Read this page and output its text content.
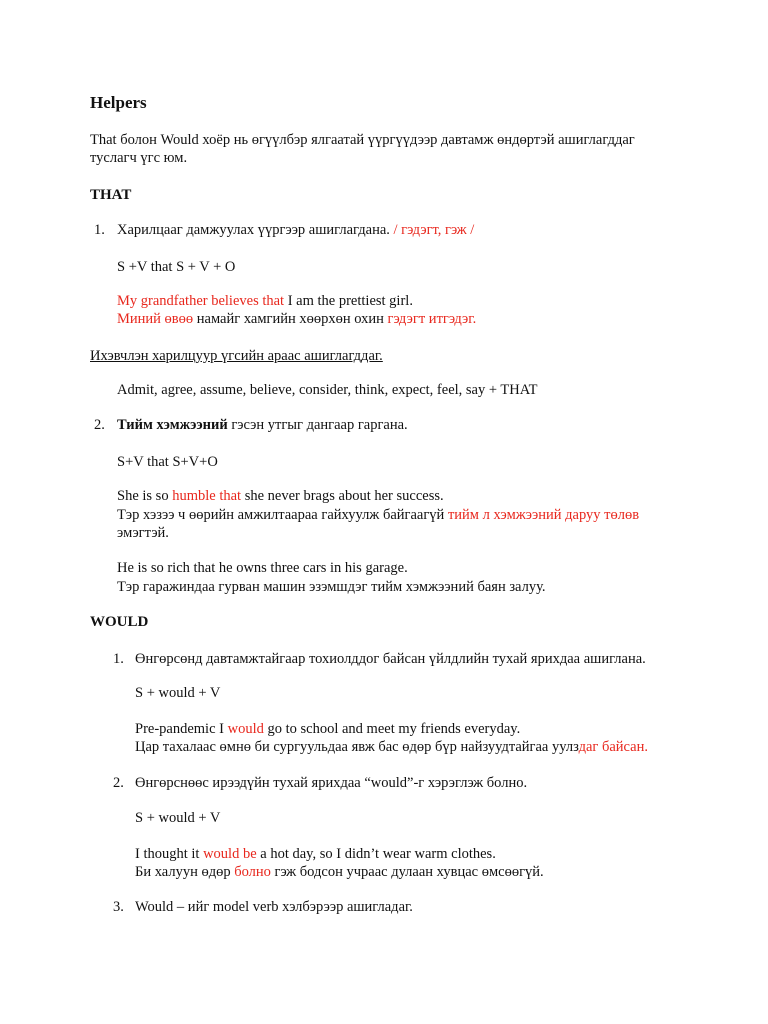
Helpers
That болон Would хоёр нь өгүүлбэр ялгаатай үүргүүдээр давтамж өндөртэй ашиглагддаг
туслагч үгс юм.
THAT
1. Харилцааг дамжуулах үүргээр ашиглагдана. / гэдэгт, гэж /
S +V that S + V + O
My grandfather believes that I am the prettiest girl.
Миний өвөө намайг хамгийн хөөрхөн охин гэдэгт итгэдэг.
Ихэвчлэн харилцуур үгсийн араас ашиглагддаг.
Admit, agree, assume, believe, consider, think, expect, feel, say + THAT
2. Тийм хэмжээний гэсэн утгыг дангаар гаргана.
S+V that S+V+O
She is so humble that she never brags about her success.
Тэр хэзээ ч өөрийн амжилтаараа гайхуулж байгаагүй тийм л хэмжээний даруу төлөв
эмэгтэй.
He is so rich that he owns three cars in his garage.
Тэр гаражиндаа гурван машин эзэмшдэг тийм хэмжээний баян залуу.
WOULD
1. Өнгөрсөнд давтамжтайгаар тохиолддог байсан үйлдлийн тухай ярихдаа ашиглана.
S + would + V
Pre-pandemic I would go to school and meet my friends everyday.
Цар тахалаас өмнө би сургуульдаа явж бас өдөр бүр найзуудтайгаа уулздаг байсан.
2. Өнгөрснөөс ирээдүйн тухай ярихдаа “would”-г хэрэглэж болно.
S + would + V
I thought it would be a hot day, so I didn’t wear warm clothes.
Би халуун өдөр болно гэж бодсон учраас дулаан хувцас өмсөөгүй.
3. Would – ийг model verb хэлбэрээр ашигладаг.
